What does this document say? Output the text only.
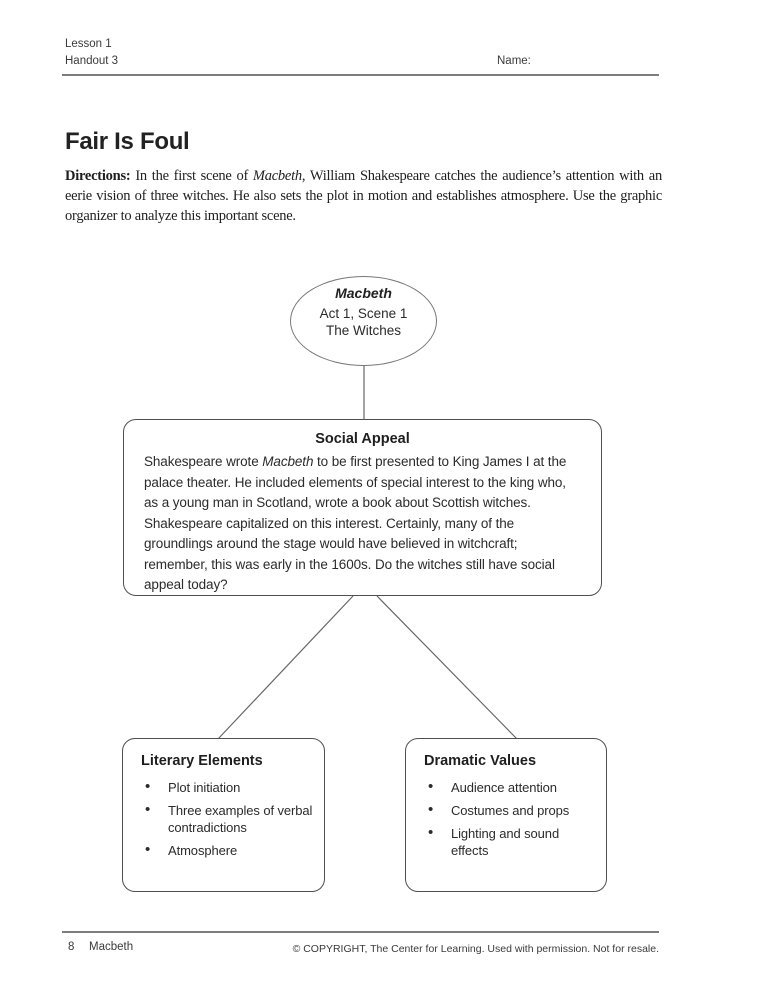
Lesson 1
Handout 3	Name:
Fair Is Foul
Directions: In the first scene of Macbeth, William Shakespeare catches the audience’s attention with an eerie vision of three witches. He also sets the plot in motion and establishes atmosphere. Use the graphic organizer to analyze this important scene.
Macbeth
Act 1, Scene 1
The Witches
Social Appeal
Shakespeare wrote Macbeth to be first presented to King James I at the palace theater. He included elements of special interest to the king who, as a young man in Scotland, wrote a book about Scottish witches. Shakespeare capitalized on this interest. Certainly, many of the groundlings around the stage would have believed in witchcraft; remember, this was early in the 1600s. Do the witches still have social appeal today?
Literary Elements
• Plot initiation
• Three examples of verbal contradictions
• Atmosphere
Dramatic Values
• Audience attention
• Costumes and props
• Lighting and sound effects
8 Macbeth	© COPYRIGHT, The Center for Learning. Used with permission. Not for resale.
